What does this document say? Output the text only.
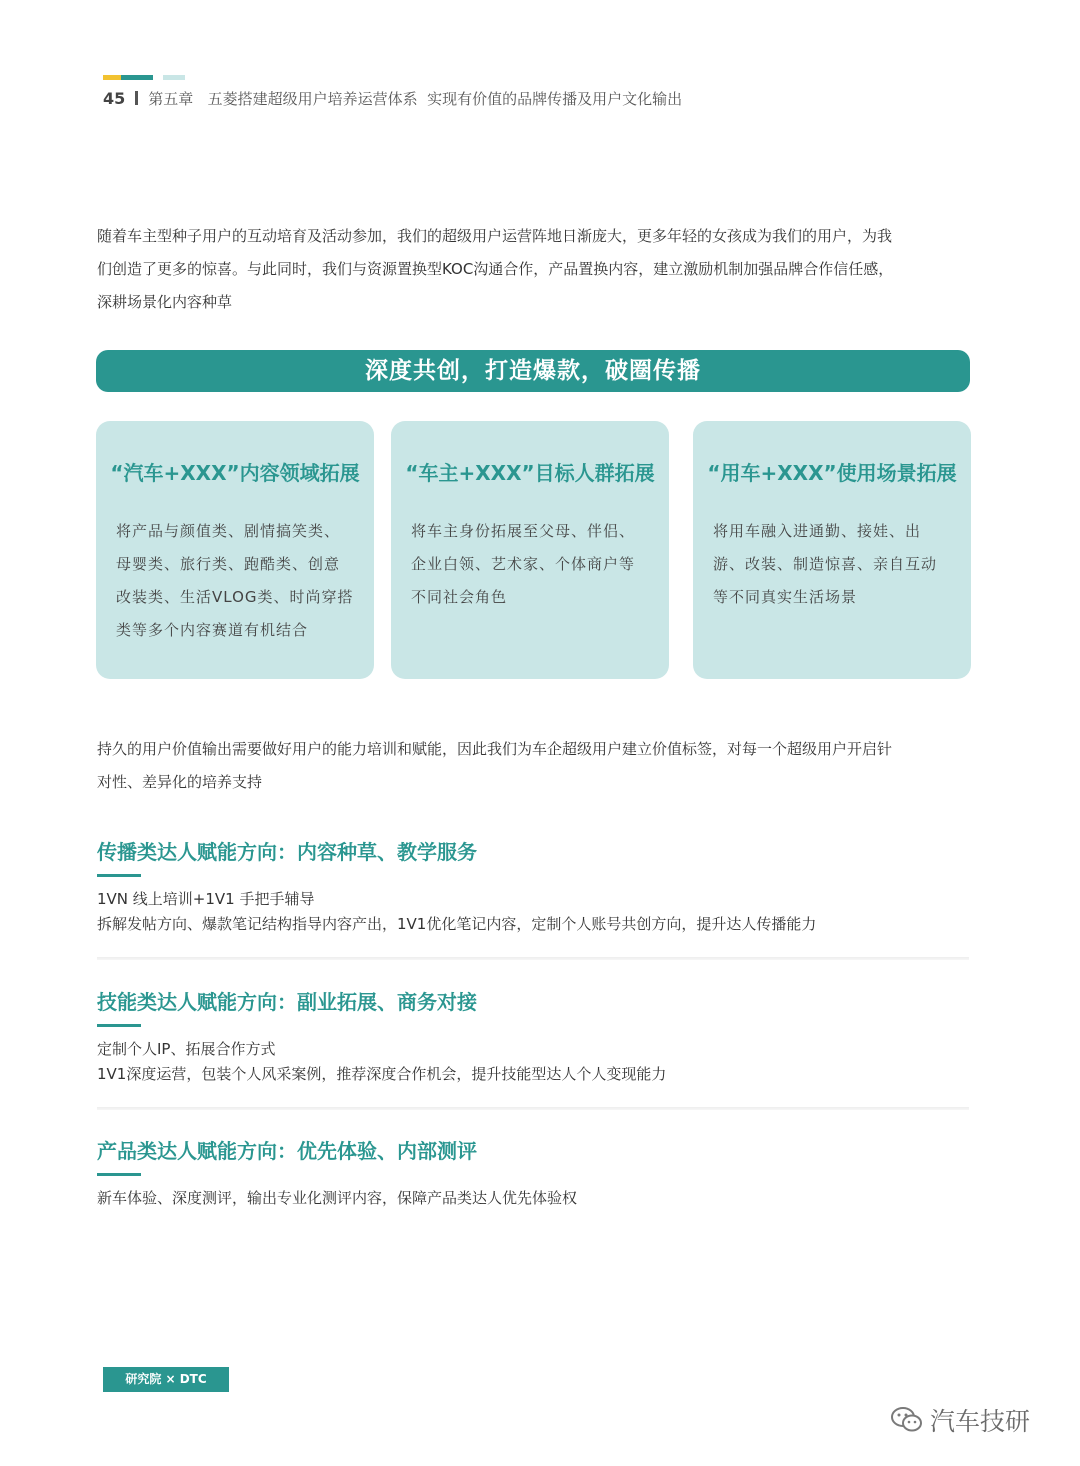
45 第五章 五菱搭建超级用户培养运营体系  实现有价值的品牌传播及用户文化输出
随着车主型种子用户的互动培育及活动参加，我们的超级用户运营阵地日渐庞大，更多年轻的女孩成为我们的用户，为我
们创造了更多的惊喜。与此同时，我们与资源置换型KOC沟通合作，产品置换内容，建立激励机制加强品牌合作信任感，
深耕场景化内容种草
深度共创，打造爆款，破圈传播
“汽车+XXX”内容领域拓展

将产品与颜值类、剧情搞笑类、
母婴类、旅行类、跑酷类、创意
改装类、生活VLOG类、时尚穿搭
类等多个内容赛道有机结合

“车主+XXX”目标人群拓展

将车主身份拓展至父母、伴侣、
企业白领、艺术家、个体商户等
不同社会角色

“用车+XXX”使用场景拓展

将用车融入进通勤、接娃、出
游、改装、制造惊喜、亲自互动
等不同真实生活场景

持久的用户价值输出需要做好用户的能力培训和赋能，因此我们为车企超级用户建立价值标签，对每一个超级用户开启针
对性、差异化的培养支持
传播类达人赋能方向：内容种草、教学服务
1VN 线上培训+1V1 手把手辅导
拆解发帖方向、爆款笔记结构指导内容产出，1V1优化笔记内容，定制个人账号共创方向，提升达人传播能力
技能类达人赋能方向：副业拓展、商务对接
定制个人IP、拓展合作方式
1V1深度运营，包装个人风采案例，推荐深度合作机会，提升技能型达人个人变现能力
产品类达人赋能方向：优先体验、内部测评
新车体验、深度测评，输出专业化测评内容，保障产品类达人优先体验权
研究院 × DTC
汽车技研
